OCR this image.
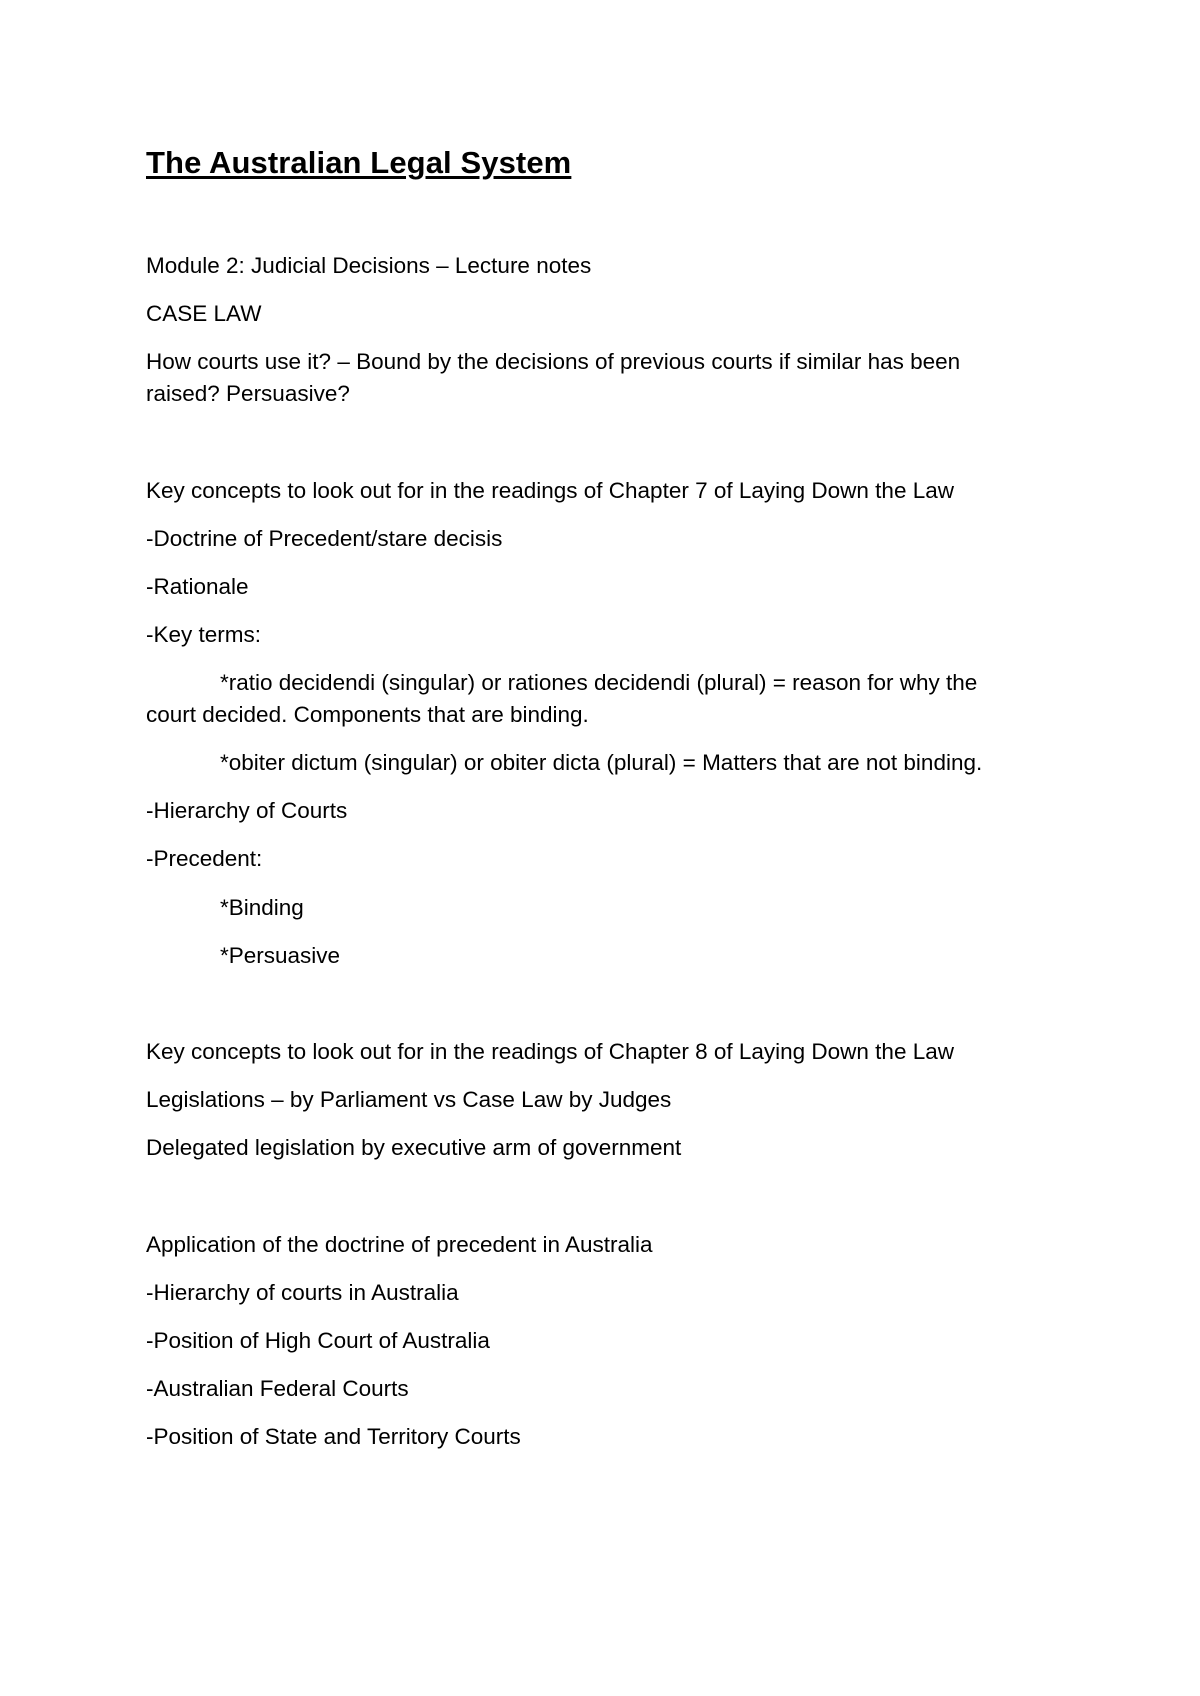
The Australian Legal System
Module 2: Judicial Decisions – Lecture notes
CASE LAW
How courts use it? – Bound by the decisions of previous courts if similar has been
raised? Persuasive?
Key concepts to look out for in the readings of Chapter 7 of Laying Down the Law
-Doctrine of Precedent/stare decisis
-Rationale
-Key terms:
*ratio decidendi (singular) or rationes decidendi (plural) = reason for why the
court decided. Components that are binding.
*obiter dictum (singular) or obiter dicta (plural) = Matters that are not binding.
-Hierarchy of Courts
-Precedent:
*Binding
*Persuasive
Key concepts to look out for in the readings of Chapter 8 of Laying Down the Law
Legislations – by Parliament vs Case Law by Judges
Delegated legislation by executive arm of government
Application of the doctrine of precedent in Australia
-Hierarchy of courts in Australia
-Position of High Court of Australia
-Australian Federal Courts
-Position of State and Territory Courts
